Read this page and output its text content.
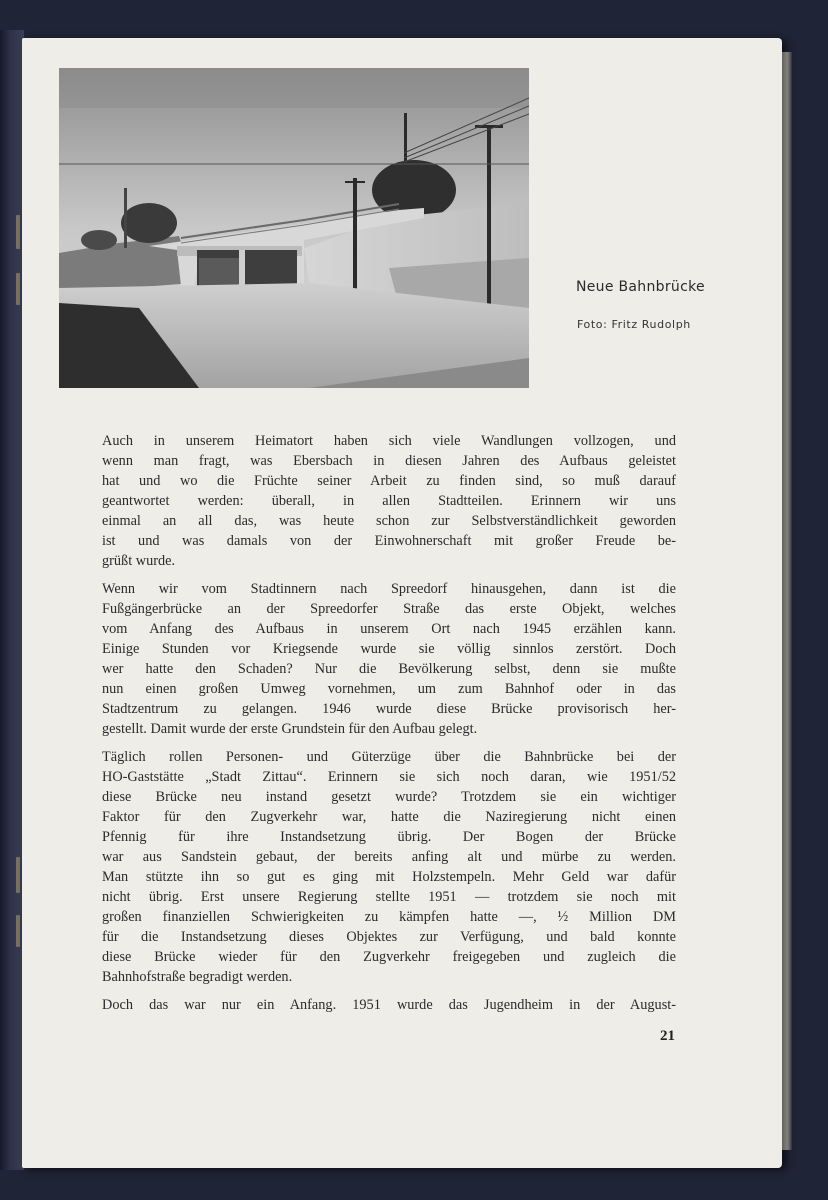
Neue Bahnbrücke
Foto: Fritz Rudolph

Auch in unserem Heimatort haben sich viele Wandlungen vollzogen, und
wenn man fragt, was Ebersbach in diesen Jahren des Aufbaus geleistet
hat und wo die Früchte seiner Arbeit zu finden sind, so muß darauf
geantwortet werden: überall, in allen Stadtteilen. Erinnern wir uns
einmal an all das, was heute schon zur Selbstverständlichkeit geworden
ist und was damals von der Einwohnerschaft mit großer Freude be-
grüßt wurde.

Wenn wir vom Stadtinnern nach Spreedorf hinausgehen, dann ist die
Fußgängerbrücke an der Spreedorfer Straße das erste Objekt, welches
vom Anfang des Aufbaus in unserem Ort nach 1945 erzählen kann.
Einige Stunden vor Kriegsende wurde sie völlig sinnlos zerstört. Doch
wer hatte den Schaden? Nur die Bevölkerung selbst, denn sie mußte
nun einen großen Umweg vornehmen, um zum Bahnhof oder in das
Stadtzentrum zu gelangen. 1946 wurde diese Brücke provisorisch her-
gestellt. Damit wurde der erste Grundstein für den Aufbau gelegt.

Täglich rollen Personen- und Güterzüge über die Bahnbrücke bei der
HO-Gaststätte „Stadt Zittau“. Erinnern sie sich noch daran, wie 1951/52
diese Brücke neu instand gesetzt wurde? Trotzdem sie ein wichtiger
Faktor für den Zugverkehr war, hatte die Naziregierung nicht einen
Pfennig für ihre Instandsetzung übrig. Der Bogen der Brücke
war aus Sandstein gebaut, der bereits anfing alt und mürbe zu werden.
Man stützte ihn so gut es ging mit Holzstempeln. Mehr Geld war dafür
nicht übrig. Erst unsere Regierung stellte 1951 — trotzdem sie noch mit
großen finanziellen Schwierigkeiten zu kämpfen hatte —, ½ Million DM
für die Instandsetzung dieses Objektes zur Verfügung, und bald konnte
diese Brücke wieder für den Zugverkehr freigegeben und zugleich die
Bahnhofstraße begradigt werden.

Doch das war nur ein Anfang. 1951 wurde das Jugendheim in der August-

21
